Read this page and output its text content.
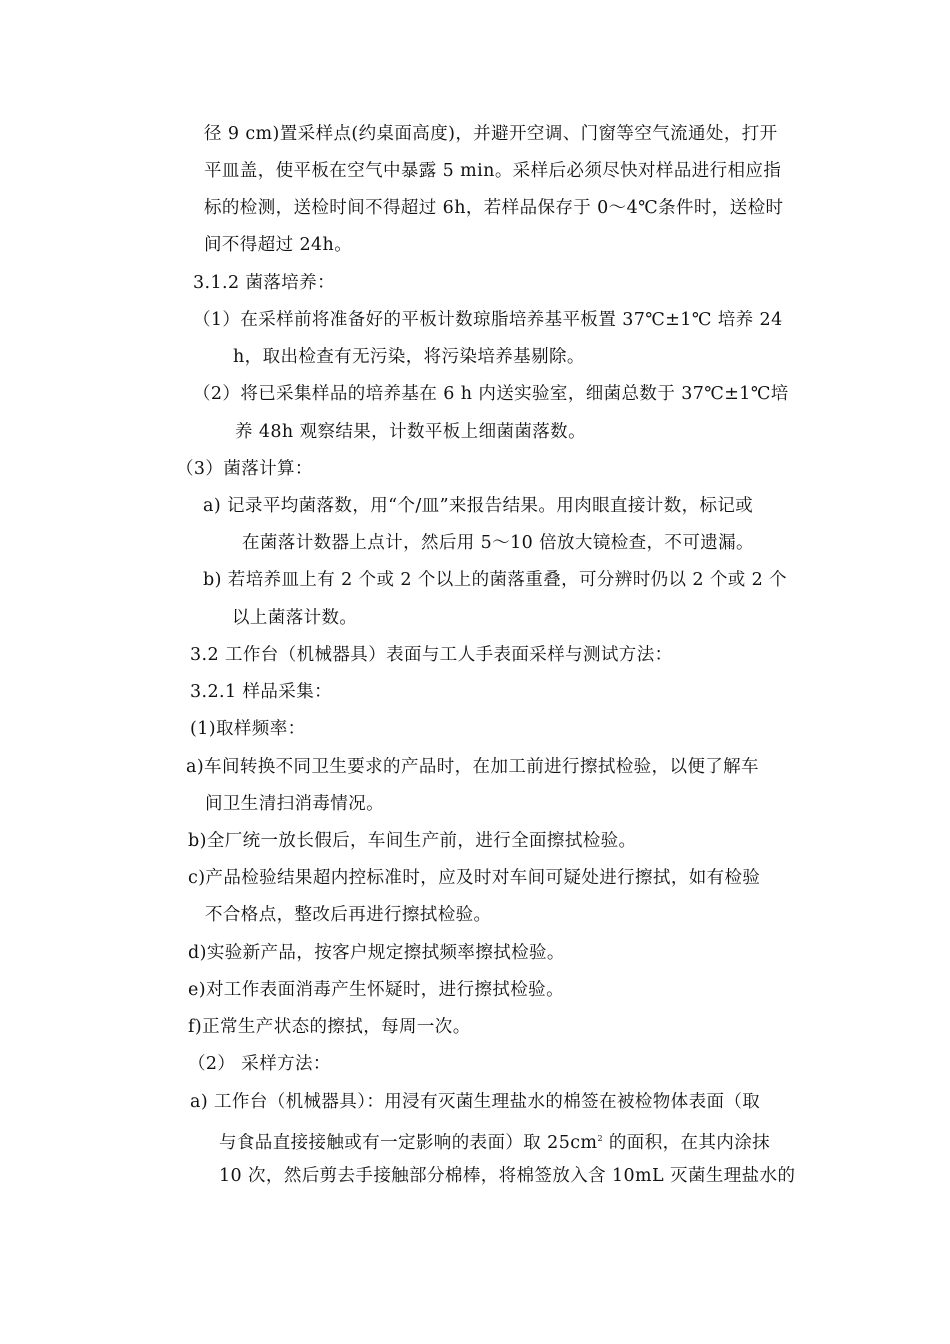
径 9 cm)置采样点(约桌面高度)，并避开空调、门窗等空气流通处，打开
平皿盖，使平板在空气中暴露 5 min。采样后必须尽快对样品进行相应指
标的检测，送检时间不得超过 6h，若样品保存于 0～4℃条件时，送检时
间不得超过 24h。
3.1.2 菌落培养：
（1）在采样前将准备好的平板计数琼脂培养基平板置 37℃±1℃ 培养 24
h，取出检查有无污染，将污染培养基剔除。
（2）将已采集样品的培养基在 6 h 内送实验室，细菌总数于 37℃±1℃培
养 48h 观察结果，计数平板上细菌菌落数。
（3）菌落计算：
a) 记录平均菌落数，用“个/皿”来报告结果。用肉眼直接计数，标记或
在菌落计数器上点计，然后用 5～10 倍放大镜检查，不可遗漏。
b) 若培养皿上有 2 个或 2 个以上的菌落重叠，可分辨时仍以 2 个或 2 个
以上菌落计数。
3.2 工作台（机械器具）表面与工人手表面采样与测试方法：
3.2.1 样品采集：
(1)取样频率：
a)车间转换不同卫生要求的产品时，在加工前进行擦拭检验，以便了解车
间卫生清扫消毒情况。
b)全厂统一放长假后，车间生产前，进行全面擦拭检验。
c)产品检验结果超内控标准时，应及时对车间可疑处进行擦拭，如有检验
不合格点，整改后再进行擦拭检验。
d)实验新产品，按客户规定擦拭频率擦拭检验。
e)对工作表面消毒产生怀疑时，进行擦拭检验。
f)正常生产状态的擦拭，每周一次。
（2） 采样方法：
a) 工作台（机械器具）：用浸有灭菌生理盐水的棉签在被检物体表面（取
与食品直接接触或有一定影响的表面）取 $25cm^2$ 的面积，在其内涂抹
10 次，然后剪去手接触部分棉棒，将棉签放入含 10mL 灭菌生理盐水的
